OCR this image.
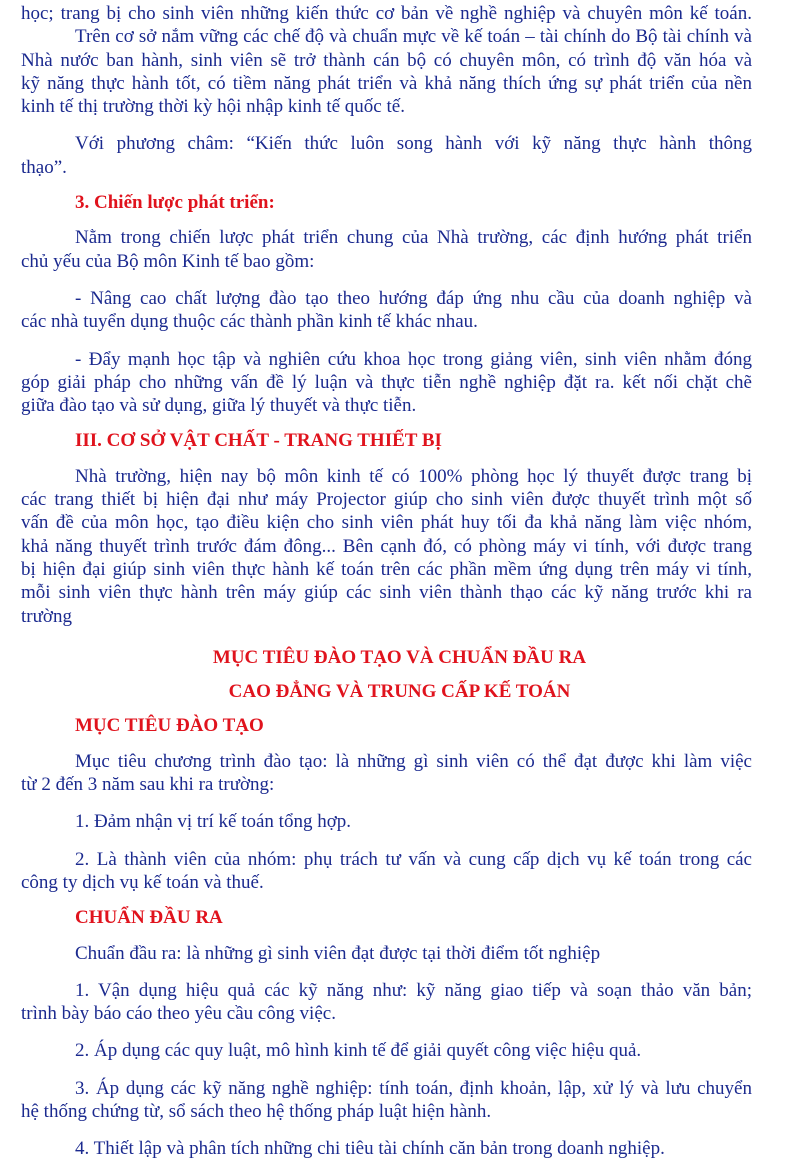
học; trang bị cho sinh viên những kiến thức cơ bản về nghề nghiệp và chuyên môn kế toán.
Trên cơ sở nắm vững các chế độ và chuẩn mực về kế toán – tài chính do Bộ tài chính và
Nhà nước ban hành, sinh viên sẽ trở thành cán bộ có chuyên môn, có trình độ văn hóa và
kỹ năng thực hành tốt, có tiềm năng phát triển và khả năng thích ứng sự phát triển của nền
kinh tế thị trường thời kỳ hội nhập kinh tế quốc tế.
Với phương châm: “Kiến thức luôn song hành với kỹ năng thực hành thông
thạo”.
3. Chiến lược phát triển:
Nằm trong chiến lược phát triển chung của Nhà trường, các định hướng phát triển
chủ yếu của Bộ môn Kinh tế bao gồm:
- Nâng cao chất lượng đào tạo theo hướng đáp ứng nhu cầu của doanh nghiệp và
các nhà tuyển dụng thuộc các thành phần kinh tế khác nhau.
- Đẩy mạnh học tập và nghiên cứu khoa học trong giảng viên, sinh viên nhằm đóng
góp giải pháp cho những vấn đề lý luận và thực tiễn nghề nghiệp đặt ra. kết nối chặt chẽ
giữa đào tạo và sử dụng, giữa lý thuyết và thực tiễn.
III. CƠ SỞ VẬT CHẤT - TRANG THIẾT BỊ
Nhà trường, hiện nay bộ môn kinh tế có 100% phòng học lý thuyết được trang bị
các trang thiết bị hiện đại như máy Projector giúp cho sinh viên được thuyết trình một số
vấn đề của môn học, tạo điều kiện cho sinh viên phát huy tối đa khả năng làm việc nhóm,
khả năng thuyết trình trước đám đông... Bên cạnh đó, có phòng máy vi tính, với được trang
bị hiện đại giúp sinh viên thực hành kế toán trên các phần mềm ứng dụng trên máy vi tính,
mỗi sinh viên thực hành trên máy giúp các sinh viên thành thạo các kỹ năng trước khi ra
trường
MỤC TIÊU ĐÀO TẠO VÀ CHUẨN ĐẦU RA
CAO ĐẲNG VÀ TRUNG CẤP KẾ TOÁN
MỤC TIÊU ĐÀO TẠO
Mục tiêu chương trình đào tạo: là những gì sinh viên có thể đạt được khi làm việc
từ 2 đến 3 năm sau khi ra trường:
1. Đảm nhận vị trí kế toán tổng hợp.
2. Là thành viên của nhóm: phụ trách tư vấn và cung cấp dịch vụ kế toán trong các
công ty dịch vụ kế toán và thuế.
CHUẨN ĐẦU RA
Chuẩn đầu ra: là những gì sinh viên đạt được tại thời điểm tốt nghiệp
1. Vận dụng hiệu quả các kỹ năng như: kỹ năng giao tiếp và soạn thảo văn bản;
trình bày báo cáo theo yêu cầu công việc.
2. Áp dụng các quy luật, mô hình kinh tế để giải quyết công việc hiệu quả.
3. Áp dụng các kỹ năng nghề nghiệp: tính toán, định khoản, lập, xử lý và lưu chuyển
hệ thống chứng từ, sổ sách theo hệ thống pháp luật hiện hành.
4. Thiết lập và phân tích những chi tiêu tài chính căn bản trong doanh nghiệp.
